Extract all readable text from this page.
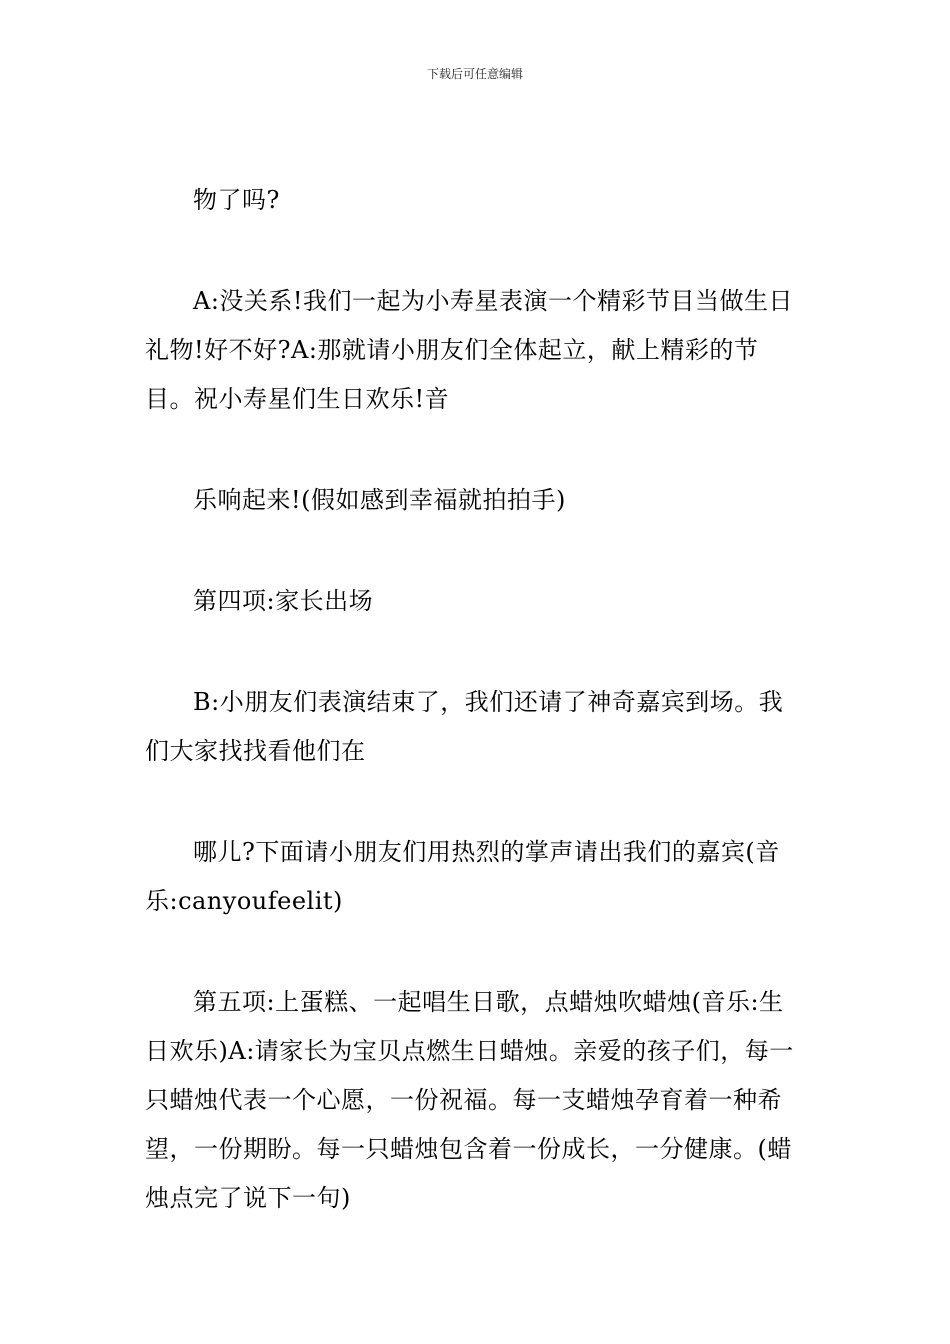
下载后可任意编辑

物了吗?

A:没关系!我们一起为小寿星表演一个精彩节目当做生日礼物!好不好?A:那就请小朋友们全体起立，献上精彩的节目。祝小寿星们生日欢乐!音

乐响起来!(假如感到幸福就拍拍手)

第四项:家长出场

B:小朋友们表演结束了，我们还请了神奇嘉宾到场。我们大家找找看他们在

哪儿?下面请小朋友们用热烈的掌声请出我们的嘉宾(音乐:canyoufeelit)

第五项:上蛋糕、一起唱生日歌，点蜡烛吹蜡烛(音乐:生日欢乐)A:请家长为宝贝点燃生日蜡烛。亲爱的孩子们，每一只蜡烛代表一个心愿，一份祝福。每一支蜡烛孕育着一种希望，一份期盼。每一只蜡烛包含着一份成长，一分健康。(蜡烛点完了说下一句)
